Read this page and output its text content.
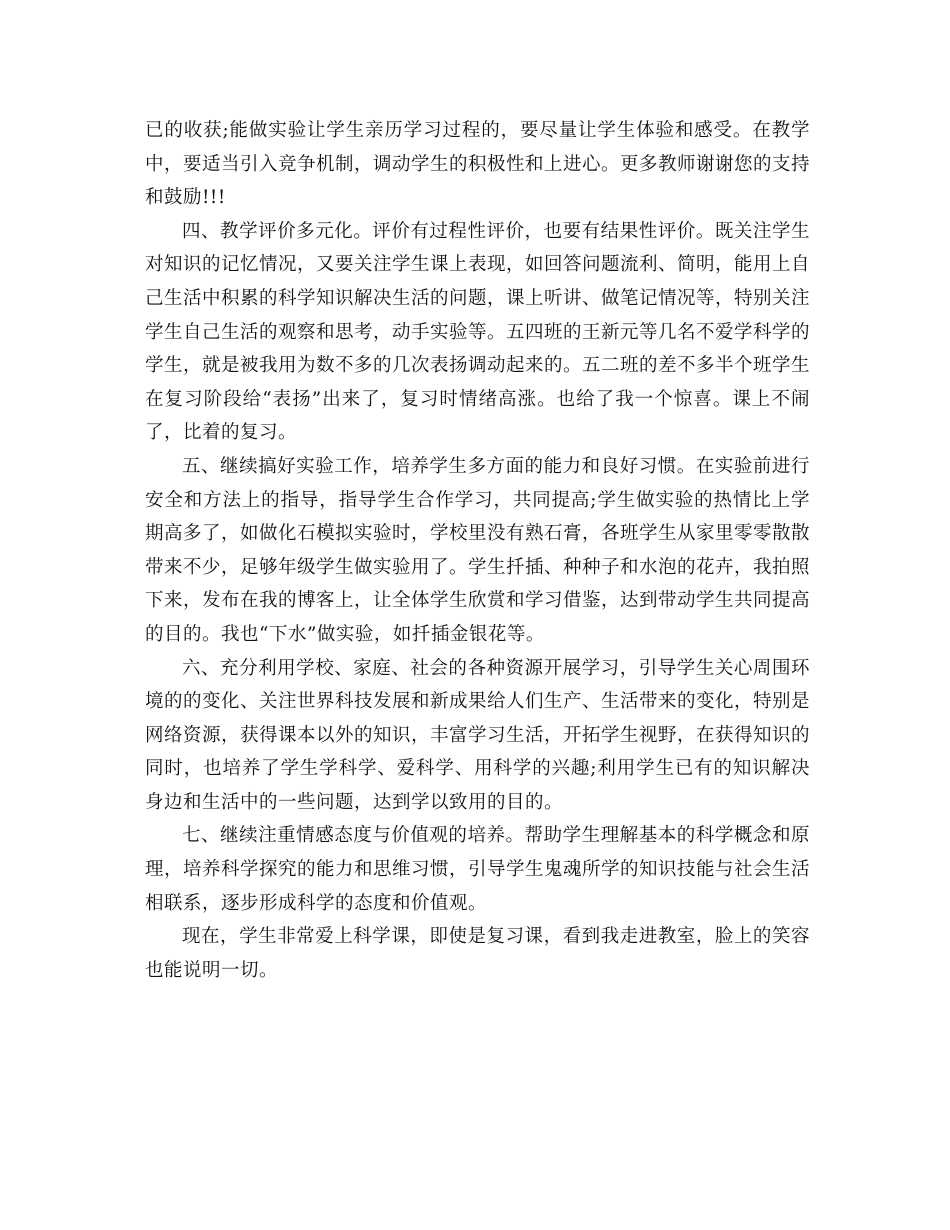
已的收获;能做实验让学生亲历学习过程的，要尽量让学生体验和感受。在教学中，要适当引入竞争机制，调动学生的积极性和上进心。更多教师谢谢您的支持和鼓励!!!

四、教学评价多元化。评价有过程性评价，也要有结果性评价。既关注学生对知识的记忆情况，又要关注学生课上表现，如回答问题流利、简明，能用上自己生活中积累的科学知识解决生活的问题，课上听讲、做笔记情况等，特别关注学生自己生活的观察和思考，动手实验等。五四班的王新元等几名不爱学科学的学生，就是被我用为数不多的几次表扬调动起来的。五二班的差不多半个班学生在复习阶段给“表扬”出来了，复习时情绪高涨。也给了我一个惊喜。课上不闹了，比着的复习。

五、继续搞好实验工作，培养学生多方面的能力和良好习惯。在实验前进行安全和方法上的指导，指导学生合作学习，共同提高;学生做实验的热情比上学期高多了，如做化石模拟实验时，学校里没有熟石膏，各班学生从家里零零散散带来不少，足够年级学生做实验用了。学生扦插、种种子和水泡的花卉，我拍照下来，发布在我的博客上，让全体学生欣赏和学习借鉴，达到带动学生共同提高的目的。我也“下水”做实验，如扦插金银花等。

六、充分利用学校、家庭、社会的各种资源开展学习，引导学生关心周围环境的的变化、关注世界科技发展和新成果给人们生产、生活带来的变化，特别是网络资源，获得课本以外的知识，丰富学习生活，开拓学生视野，在获得知识的同时，也培养了学生学科学、爱科学、用科学的兴趣;利用学生已有的知识解决身边和生活中的一些问题，达到学以致用的目的。

七、继续注重情感态度与价值观的培养。帮助学生理解基本的科学概念和原理，培养科学探究的能力和思维习惯，引导学生鬼魂所学的知识技能与社会生活相联系，逐步形成科学的态度和价值观。

现在，学生非常爱上科学课，即使是复习课，看到我走进教室，脸上的笑容也能说明一切。
